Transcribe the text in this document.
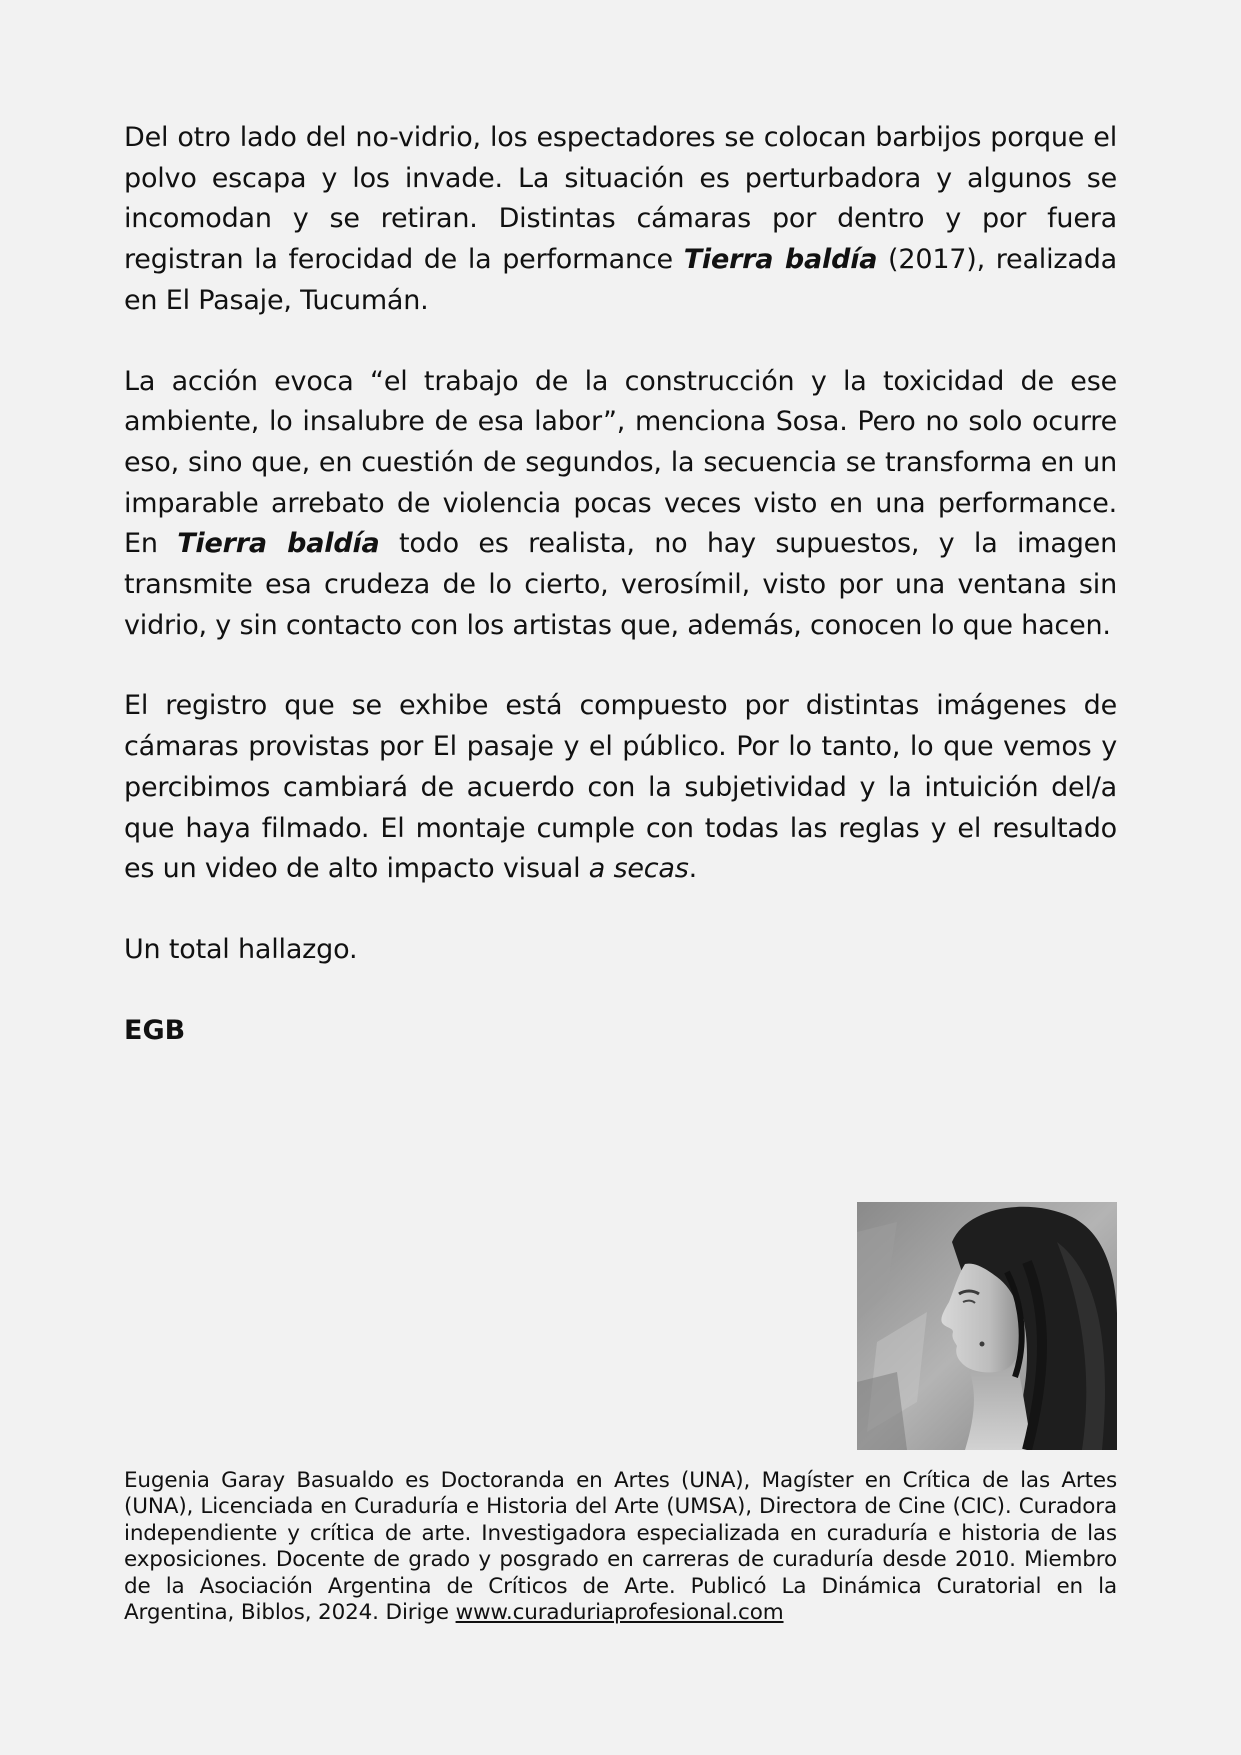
Del otro lado del no-vidrio, los espectadores se colocan barbijos porque el polvo escapa y los invade. La situación es perturbadora y algunos se incomodan y se retiran. Distintas cámaras por dentro y por fuera registran la ferocidad de la performance Tierra baldía (2017), realizada en El Pasaje, Tucumán.

La acción evoca “el trabajo de la construcción y la toxicidad de ese ambiente, lo insalubre de esa labor”, menciona Sosa. Pero no solo ocurre eso, sino que, en cuestión de segundos, la secuencia se transforma en un imparable arrebato de violencia pocas veces visto en una performance. En Tierra baldía todo es realista, no hay supuestos, y la imagen transmite esa crudeza de lo cierto, verosímil, visto por una ventana sin vidrio, y sin contacto con los artistas que, además, conocen lo que hacen.

El registro que se exhibe está compuesto por distintas imágenes de cámaras provistas por El pasaje y el público. Por lo tanto, lo que vemos y percibimos cambiará de acuerdo con la subjetividad y la intuición del/a que haya filmado. El montaje cumple con todas las reglas y el resultado es un video de alto impacto visual a secas.

Un total hallazgo.

EGB

Eugenia Garay Basualdo es Doctoranda en Artes (UNA), Magíster en Crítica de las Artes (UNA), Licenciada en Curaduría e Historia del Arte (UMSA), Directora de Cine (CIC). Curadora independiente y crítica de arte. Investigadora especializada en curaduría e historia de las exposiciones. Docente de grado y posgrado en carreras de curaduría desde 2010. Miembro de la Asociación Argentina de Críticos de Arte. Publicó La Dinámica Curatorial en la Argentina, Biblos, 2024. Dirige www.curaduriaprofesional.com
